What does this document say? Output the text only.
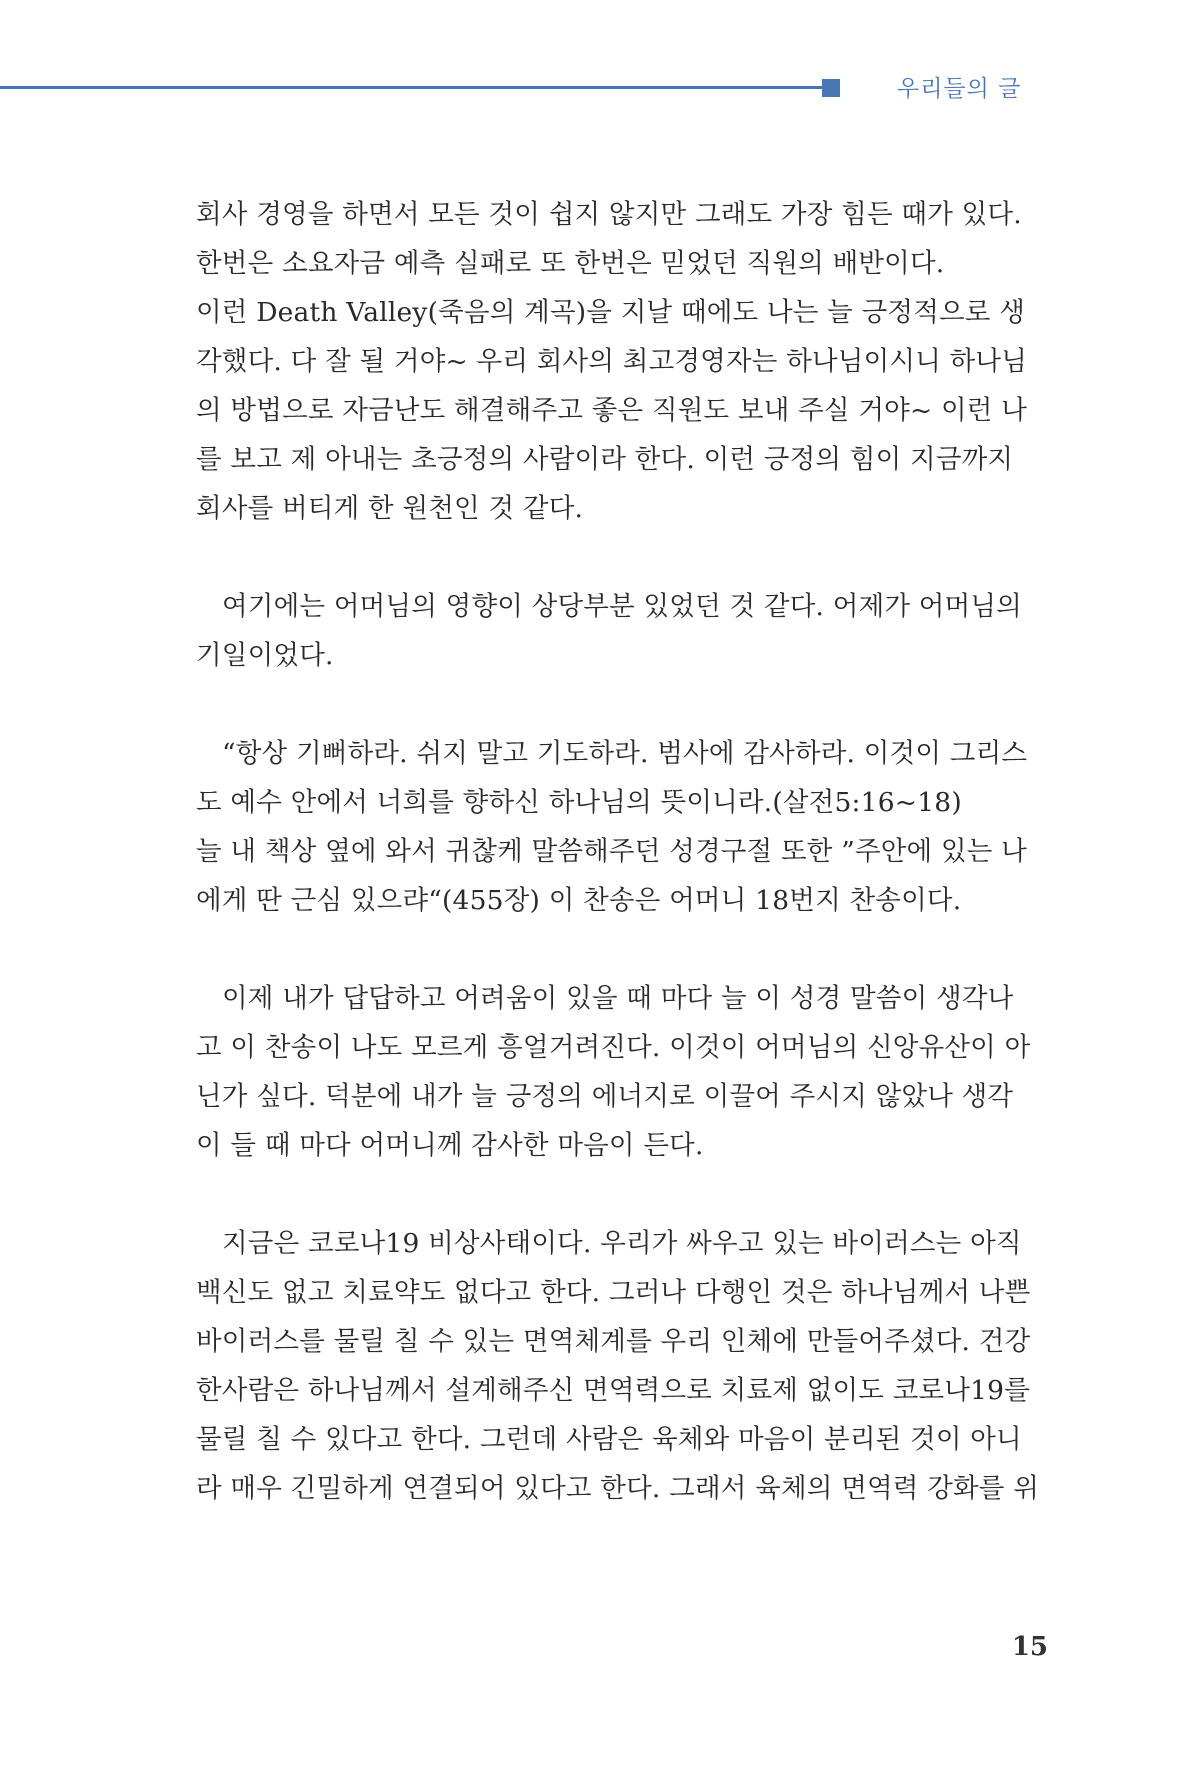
우리들의 글
회사 경영을 하면서 모든 것이 쉽지 않지만 그래도 가장 힘든 때가 있다.
한번은 소요자금 예측 실패로 또 한번은 믿었던 직원의 배반이다.
이런 Death Valley(죽음의 계곡)을 지날 때에도 나는 늘 긍정적으로 생
각했다. 다 잘 될 거야~ 우리 회사의 최고경영자는 하나님이시니 하나님
의 방법으로 자금난도 해결해주고 좋은 직원도 보내 주실 거야~ 이런 나
를 보고 제 아내는 초긍정의 사람이라 한다. 이런 긍정의 힘이 지금까지
회사를 버티게 한 원천인 것 같다.
여기에는 어머님의 영향이 상당부분 있었던 것 같다. 어제가 어머님의
기일이었다.
“항상 기뻐하라. 쉬지 말고 기도하라. 범사에 감사하라. 이것이 그리스
도 예수 안에서 너희를 향하신 하나님의 뜻이니라.(살전5:16~18)
늘 내 책상 옆에 와서 귀찮케 말씀해주던 성경구절 또한 ”주안에 있는 나
에게 딴 근심 있으랴“(455장) 이 찬송은 어머니 18번지 찬송이다.
이제 내가 답답하고 어려움이 있을 때 마다 늘 이 성경 말씀이 생각나
고 이 찬송이 나도 모르게 흥얼거려진다. 이것이 어머님의 신앙유산이 아
닌가 싶다. 덕분에 내가 늘 긍정의 에너지로 이끌어 주시지 않았나 생각
이 들 때 마다 어머니께 감사한 마음이 든다.
지금은 코로나19 비상사태이다. 우리가 싸우고 있는 바이러스는 아직
백신도 없고 치료약도 없다고 한다. 그러나 다행인 것은 하나님께서 나쁜
바이러스를 물릴 칠 수 있는 면역체계를 우리 인체에 만들어주셨다. 건강
한사람은 하나님께서 설계해주신 면역력으로 치료제 없이도 코로나19를
물릴 칠 수 있다고 한다. 그런데 사람은 육체와 마음이 분리된 것이 아니
라 매우 긴밀하게 연결되어 있다고 한다. 그래서 육체의 면역력 강화를 위
15
